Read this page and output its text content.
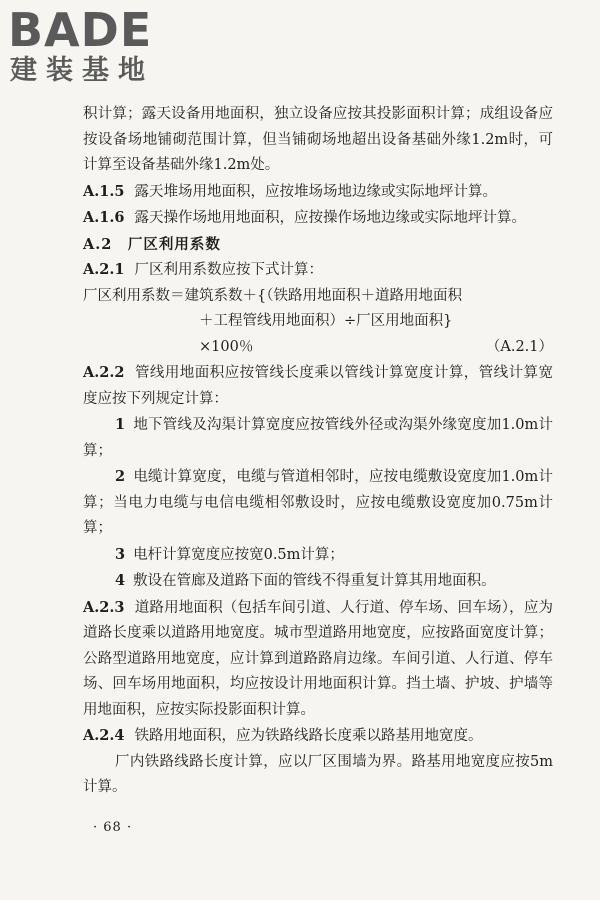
BADE
建装基地

积计算；露天设备用地面积，独立设备应按其投影面积计算；成组设备应按设备场地铺砌范围计算，但当铺砌场地超出设备基础外缘1.2m时，可计算至设备基础外缘1.2m处。

A.1.5 露天堆场用地面积，应按堆场场地边缘或实际地坪计算。

A.1.6 露天操作场地用地面积，应按操作场地边缘或实际地坪计算。

A.2　厂区利用系数

A.2.1 厂区利用系数应按下式计算：

厂区利用系数＝建筑系数＋{（铁路用地面积＋道路用地面积

＋工程管线用地面积）÷厂区用地面积}

×100％	（A.2.1）

A.2.2 管线用地面积应按管线长度乘以管线计算宽度计算，管线计算宽度应按下列规定计算：

1 地下管线及沟渠计算宽度应按管线外径或沟渠外缘宽度加1.0m计算；

2 电缆计算宽度，电缆与管道相邻时，应按电缆敷设宽度加1.0m计算；当电力电缆与电信电缆相邻敷设时，应按电缆敷设宽度加0.75m计算；

3 电杆计算宽度应按宽0.5m计算；

4 敷设在管廊及道路下面的管线不得重复计算其用地面积。

A.2.3 道路用地面积（包括车间引道、人行道、停车场、回车场），应为道路长度乘以道路用地宽度。城市型道路用地宽度，应按路面宽度计算；公路型道路用地宽度，应计算到道路路肩边缘。车间引道、人行道、停车场、回车场用地面积，均应按设计用地面积计算。挡土墙、护坡、护墙等用地面积，应按实际投影面积计算。

A.2.4 铁路用地面积，应为铁路线路长度乘以路基用地宽度。

厂内铁路线路长度计算，应以厂区围墙为界。路基用地宽度应按5m计算。

· 68 ·
